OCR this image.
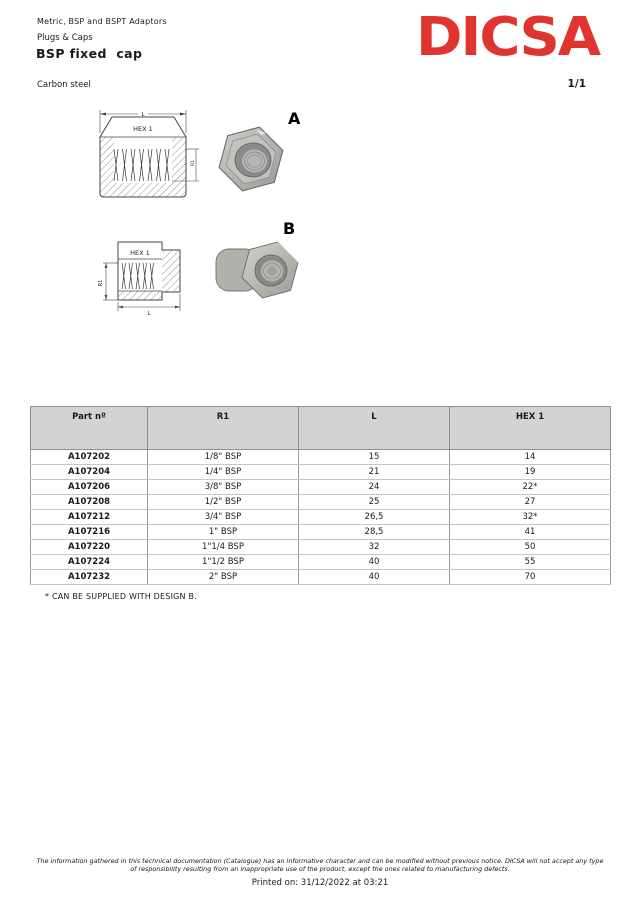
Metric, BSP and BSPT Adaptors
Plugs & Caps
BSP fixed  cap	DICSA
Carbon steel	1/1
HEX 1
L
R1
A
HEX 1
R1
L
B
Part nº	R1	L	HEX 1
A107202	1/8" BSP	15	14
A107204	1/4" BSP	21	19
A107206	3/8" BSP	24	22*
A107208	1/2" BSP	25	27
A107212	3/4" BSP	26,5	32*
A107216	1" BSP	28,5	41
A107220	1"1/4 BSP	32	50
A107224	1"1/2 BSP	40	55
A107232	2" BSP	40	70
* CAN BE SUPPLIED WITH DESIGN B.
The information gathered in this technical documentation (Catalogue) has an informative character and can be modified without previous notice. DICSA will not accept any type
of responsibility resulting from an inappropriate use of the product, except the ones related to manufacturing defects.
Printed on: 31/12/2022 at 03:21
